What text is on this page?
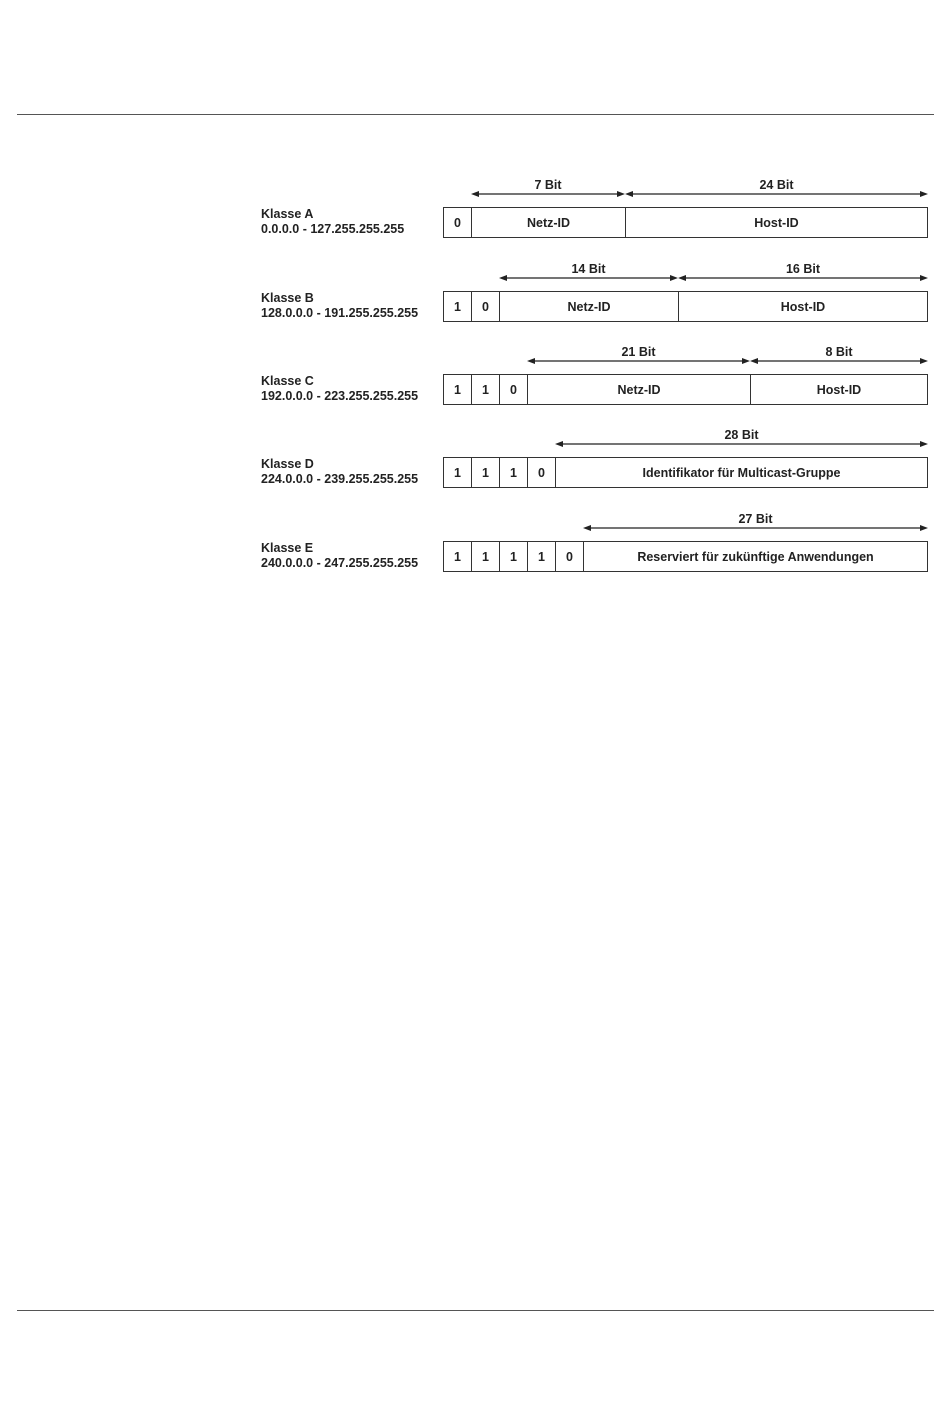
Klasse A
0.0.0.0 - 127.255.255.255
7 Bit	24 Bit
0	Netz-ID	Host-ID
Klasse B
128.0.0.0 - 191.255.255.255
14 Bit	16 Bit
1	0	Netz-ID	Host-ID
Klasse C
192.0.0.0 - 223.255.255.255
21 Bit	8 Bit
1	1	0	Netz-ID	Host-ID
Klasse D
224.0.0.0 - 239.255.255.255
28 Bit
1	1	1	0	Identifikator für Multicast-Gruppe
Klasse E
240.0.0.0 - 247.255.255.255
27 Bit
1	1	1	1	0	Reserviert für zukünftige Anwendungen
